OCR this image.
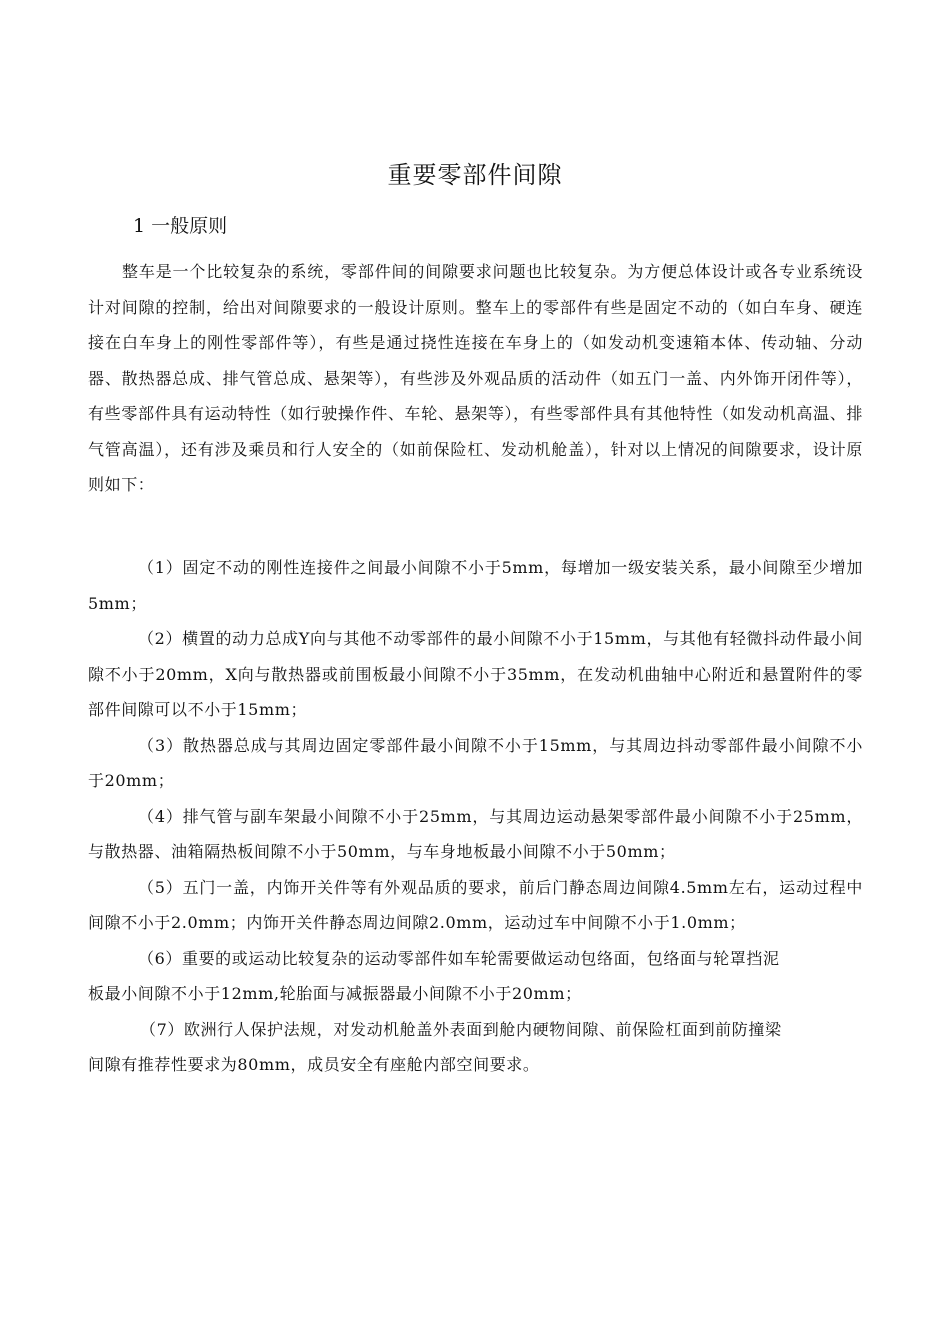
重要零部件间隙
1 一般原则

整车是一个比较复杂的系统，零部件间的间隙要求问题也比较复杂。为方便总体设计或各专业系统设计对间隙的控制，给出对间隙要求的一般设计原则。整车上的零部件有些是固定不动的（如白车身、硬连接在白车身上的刚性零部件等），有些是通过挠性连接在车身上的（如发动机变速箱本体、传动轴、分动器、散热器总成、排气管总成、悬架等），有些涉及外观品质的活动件（如五门一盖、内外饰开闭件等），有些零部件具有运动特性（如行驶操作件、车轮、悬架等），有些零部件具有其他特性（如发动机高温、排气管高温），还有涉及乘员和行人安全的（如前保险杠、发动机舱盖），针对以上情况的间隙要求，设计原则如下：

（1）固定不动的刚性连接件之间最小间隙不小于5mm，每增加一级安装关系，最小间隙至少增加5mm；

（2）横置的动力总成Y向与其他不动零部件的最小间隙不小于15mm，与其他有轻微抖动件最小间隙不小于20mm，X向与散热器或前围板最小间隙不小于35mm，在发动机曲轴中心附近和悬置附件的零部件间隙可以不小于15mm；

（3）散热器总成与其周边固定零部件最小间隙不小于15mm，与其周边抖动零部件最小间隙不小于20mm；

（4）排气管与副车架最小间隙不小于25mm，与其周边运动悬架零部件最小间隙不小于25mm，与散热器、油箱隔热板间隙不小于50mm，与车身地板最小间隙不小于50mm；

（5）五门一盖，内饰开关件等有外观品质的要求，前后门静态周边间隙4.5mm左右，运动过程中间隙不小于2.0mm；内饰开关件静态周边间隙2.0mm，运动过车中间隙不小于1.0mm；

（6）重要的或运动比较复杂的运动零部件如车轮需要做运动包络面，包络面与轮罩挡泥
板最小间隙不小于12mm,轮胎面与减振器最小间隙不小于20mm；

（7）欧洲行人保护法规，对发动机舱盖外表面到舱内硬物间隙、前保险杠面到前防撞梁
间隙有推荐性要求为80mm，成员安全有座舱内部空间要求。
